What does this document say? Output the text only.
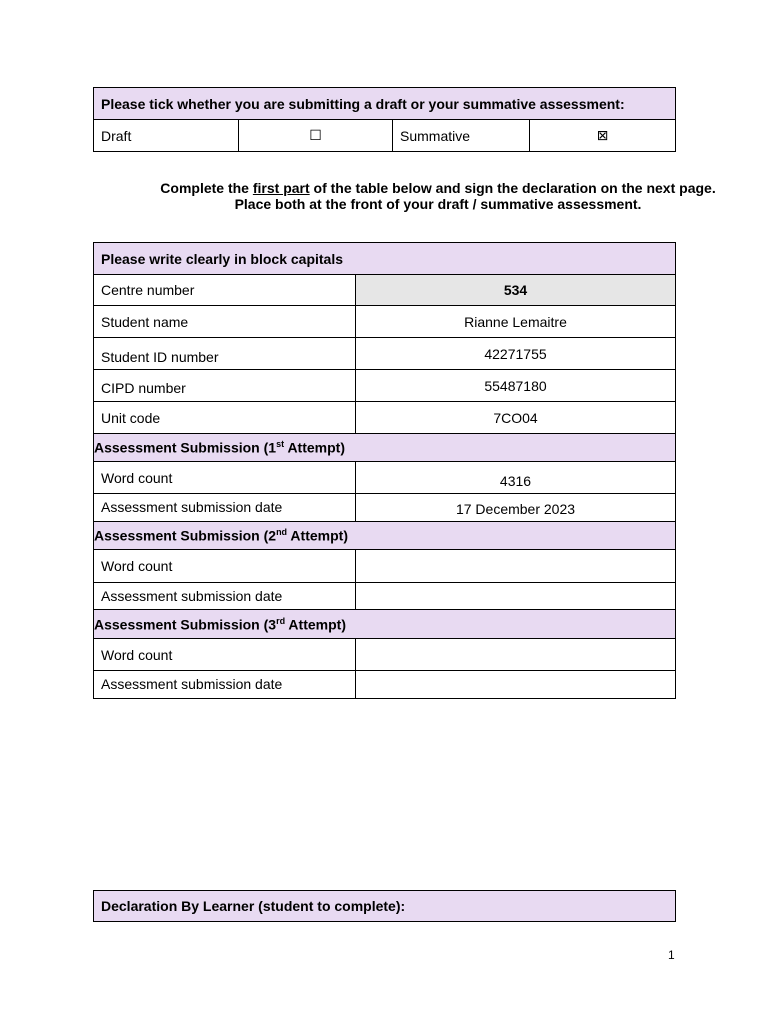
Please tick whether you are submitting a draft or your summative assessment:
Draft	☐	Summative	⊠
Complete the first part of the table below and sign the declaration on the next page.
Place both at the front of your draft / summative assessment.
Please write clearly in block capitals	
Centre number	534
Student name	Rianne Lemaitre
Student ID number	42271755
CIPD number	55487180
Unit code	7CO04
Assessment Submission (1st Attempt)	
Word count	4316
Assessment submission date	17 December 2023
Assessment Submission (2nd Attempt)	
Word count	
Assessment submission date	
Assessment Submission (3rd Attempt)	
Word count	
Assessment submission date	
Declaration By Learner (student to complete):
1
